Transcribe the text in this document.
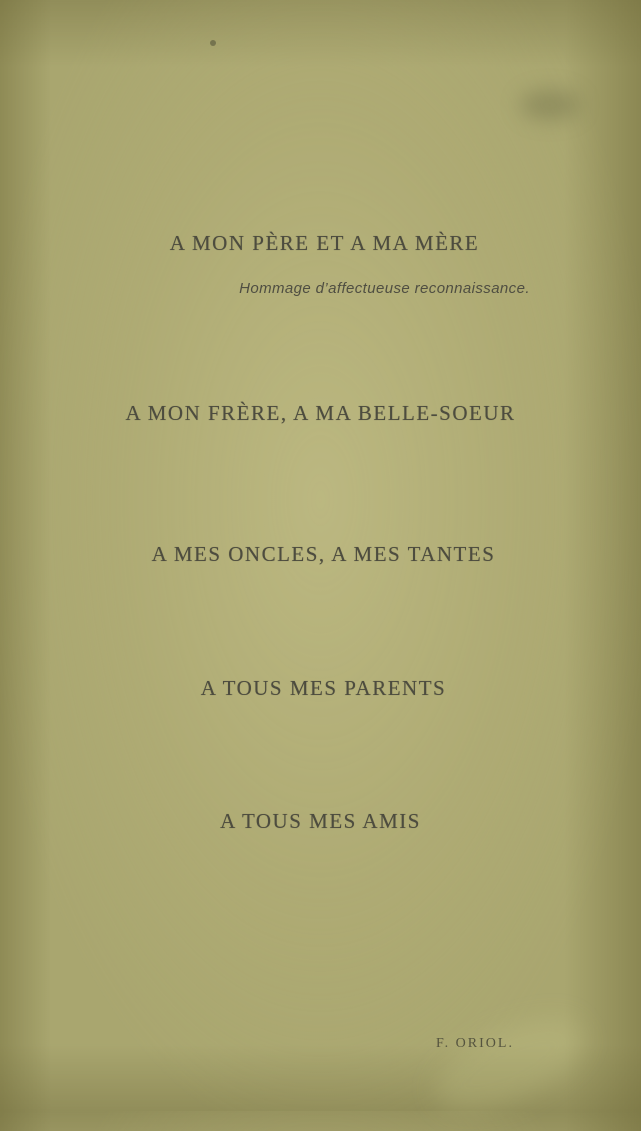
A MON PÈRE ET A MA MÈRE
Hommage d’affectueuse reconnaissance.
A MON FRÈRE, A MA BELLE-SOEUR
A MES ONCLES, A MES TANTES
A TOUS MES PARENTS
A TOUS MES AMIS
F. ORIOL.
